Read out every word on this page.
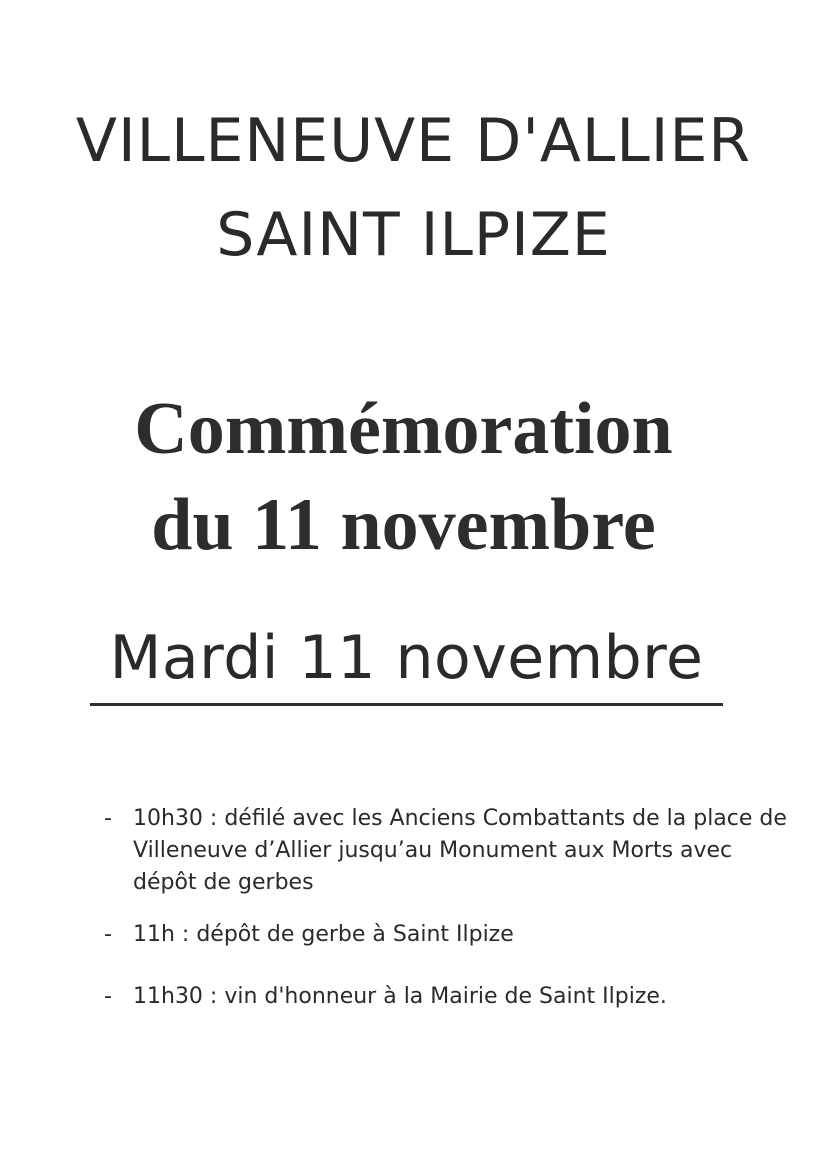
VILLENEUVE D'ALLIER
SAINT ILPIZE
Commémoration
du 11 novembre
Mardi 11 novembre
- 10h30 : défilé avec les Anciens Combattants de la place de Villeneuve d’Allier jusqu’au Monument aux Morts avec dépôt de gerbes
- 11h : dépôt de gerbe à Saint Ilpize
- 11h30 : vin d'honneur à la Mairie de Saint Ilpize.
